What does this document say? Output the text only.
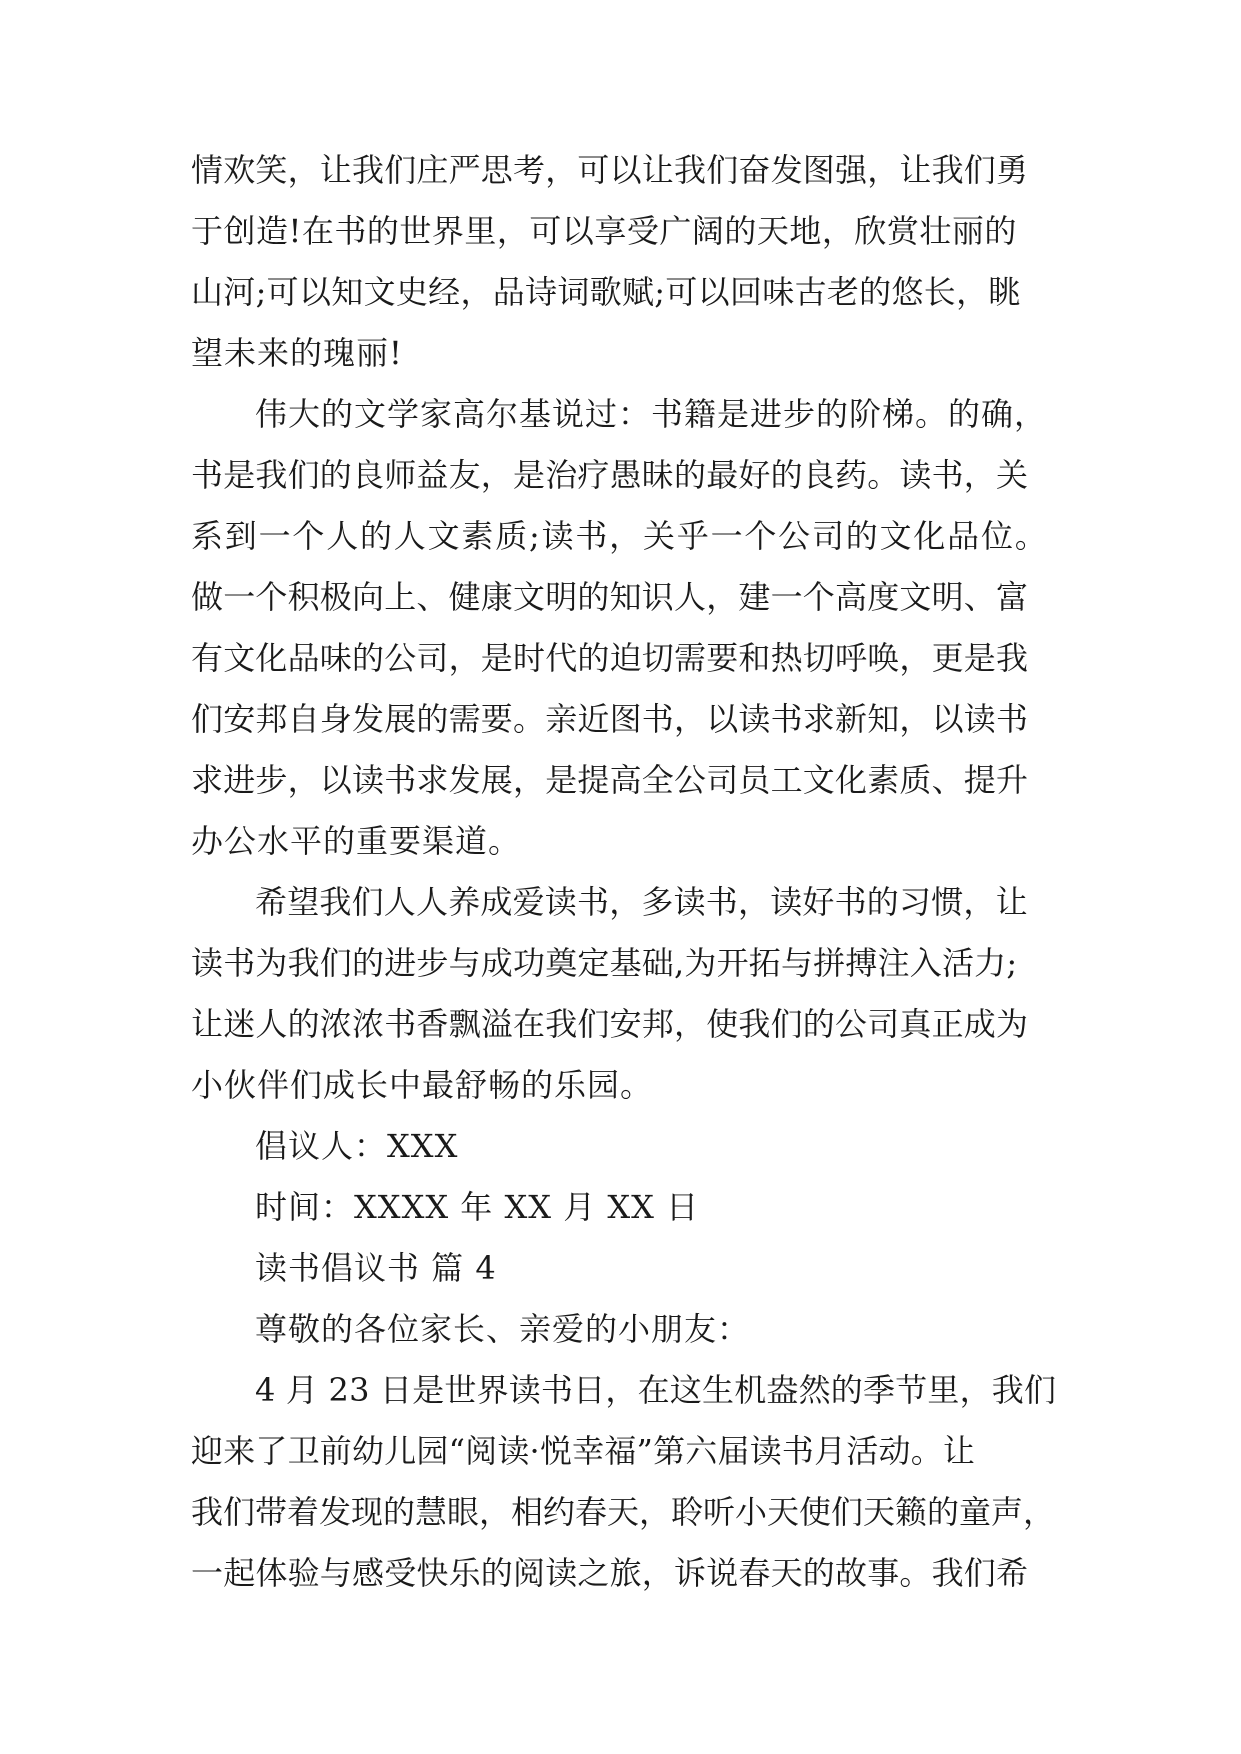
情欢笑，让我们庄严思考，可以让我们奋发图强，让我们勇
于创造!在书的世界里，可以享受广阔的天地，欣赏壮丽的
山河;可以知文史经，品诗词歌赋;可以回味古老的悠长，眺
望未来的瑰丽!
伟大的文学家高尔基说过：书籍是进步的阶梯。的确，
书是我们的良师益友，是治疗愚昧的最好的良药。读书，关
系到一个人的人文素质;读书，关乎一个公司的文化品位。
做一个积极向上、健康文明的知识人，建一个高度文明、富
有文化品味的公司，是时代的迫切需要和热切呼唤，更是我
们安邦自身发展的需要。亲近图书，以读书求新知，以读书
求进步，以读书求发展，是提高全公司员工文化素质、提升
办公水平的重要渠道。
希望我们人人养成爱读书，多读书，读好书的习惯，让
读书为我们的进步与成功奠定基础,为开拓与拼搏注入活力;
让迷人的浓浓书香飘溢在我们安邦，使我们的公司真正成为
小伙伴们成长中最舒畅的乐园。
倡议人：XXX
时间：XXXX 年 XX 月 XX 日
读书倡议书 篇 4
尊敬的各位家长、亲爱的小朋友：
4 月 23 日是世界读书日，在这生机盎然的季节里，我们
迎来了卫前幼儿园“阅读·悦幸福”第六届读书月活动。让
我们带着发现的慧眼，相约春天，聆听小天使们天籁的童声，
一起体验与感受快乐的阅读之旅，诉说春天的故事。我们希
